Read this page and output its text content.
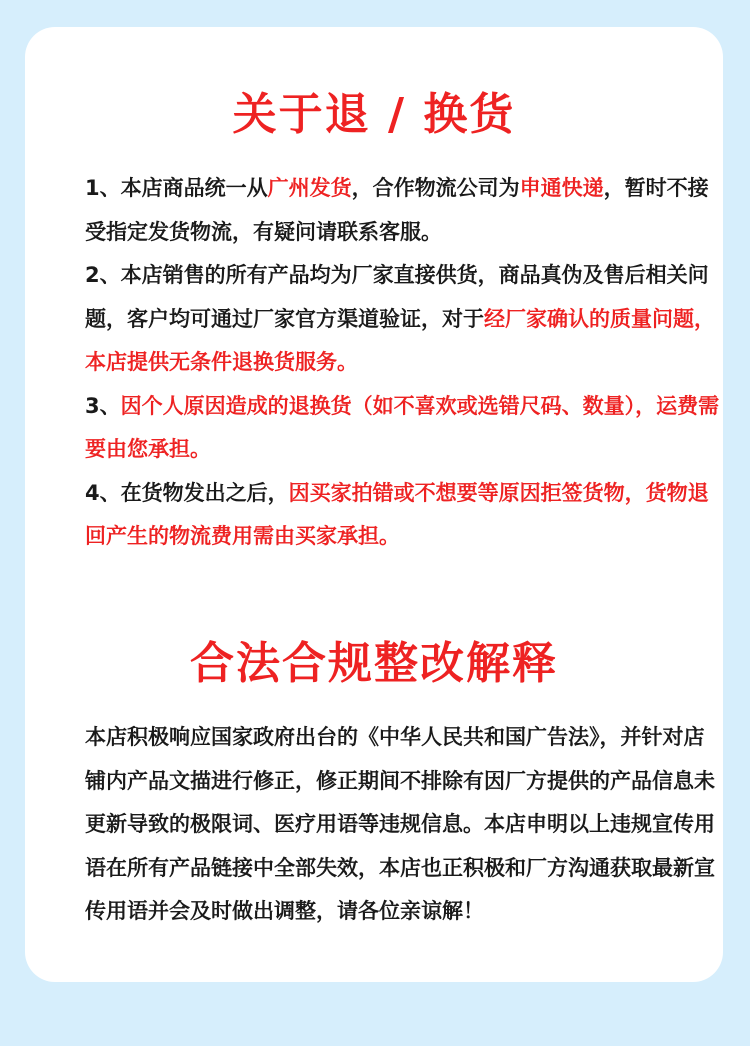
关于退 / 换货

1、本店商品统一从广州发货，合作物流公司为申通快递，暂时不接受指定发货物流，有疑问请联系客服。

2、本店销售的所有产品均为厂家直接供货，商品真伪及售后相关问题，客户均可通过厂家官方渠道验证，对于经厂家确认的质量问题，本店提供无条件退换货服务。

3、因个人原因造成的退换货（如不喜欢或选错尺码、数量），运费需要由您承担。

4、在货物发出之后，因买家拍错或不想要等原因拒签货物，货物退回产生的物流费用需由买家承担。

合法合规整改解释

本店积极响应国家政府出台的《中华人民共和国广告法》，并针对店铺内产品文描进行修正，修正期间不排除有因厂方提供的产品信息未更新导致的极限词、医疗用语等违规信息。本店申明以上违规宣传用语在所有产品链接中全部失效，本店也正积极和厂方沟通获取最新宣传用语并会及时做出调整，请各位亲谅解！
